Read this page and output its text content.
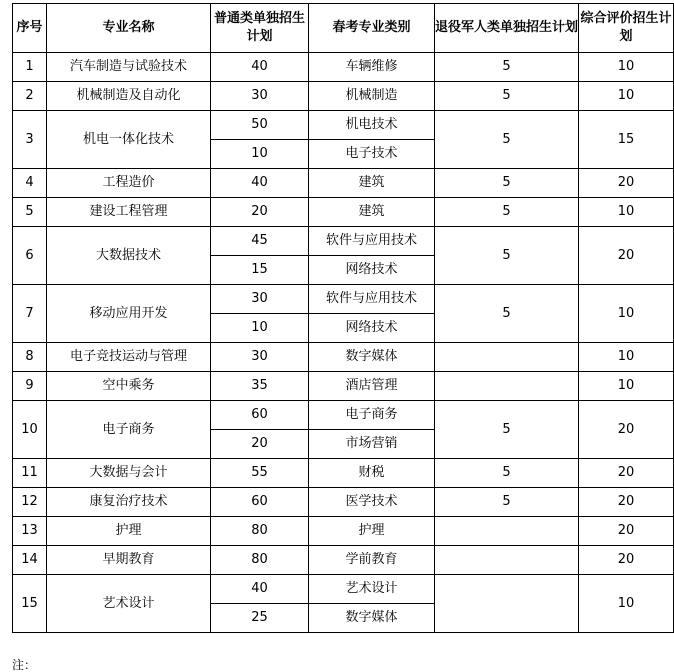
序号	专业名称	普通类单独招生计划	春考专业类别	退役军人类单独招生计划	综合评价招生计划
1	汽车制造与试验技术	40	车辆维修	5	10
2	机械制造及自动化	30	机械制造	5	10
3	机电一体化技术	50	机电技术	5	15
		10	电子技术		
4	工程造价	40	建筑	5	20
5	建设工程管理	20	建筑	5	10
6	大数据技术	45	软件与应用技术	5	20
		15	网络技术		
7	移动应用开发	30	软件与应用技术	5	10
		10	网络技术		
8	电子竞技运动与管理	30	数字媒体		10
9	空中乘务	35	酒店管理		10
10	电子商务	60	电子商务	5	20
		20	市场营销		
11	大数据与会计	55	财税	5	20
12	康复治疗技术	60	医学技术	5	20
13	护理	80	护理		20
14	早期教育	80	学前教育		20
15	艺术设计	40	艺术设计		10
		25	数字媒体		
注：
